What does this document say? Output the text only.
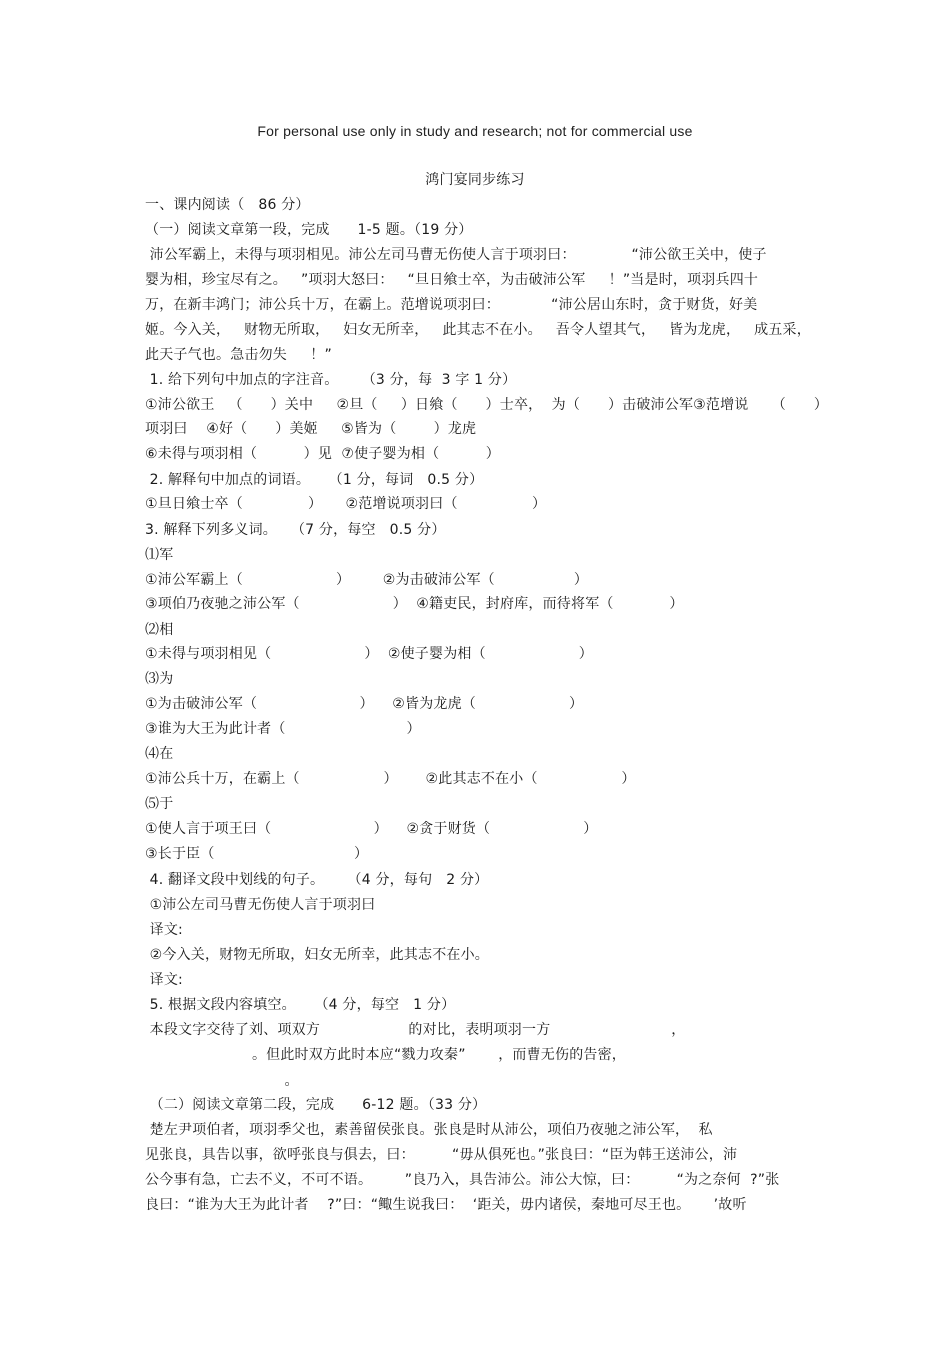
For personal use only in study and research; not for commercial use
鸿门宴同步练习
一、课内阅读（   86 分）
（一）阅读文章第一段，完成      1-5 题。（19 分）
沛公军霸上，未得与项羽相见。沛公左司马曹无伤使人言于项羽曰：            “沛公欲王关中，使子
婴为相，珍宝尽有之。   ”项羽大怒曰：   “旦日飨士卒，为击破沛公军     ！”当是时，项羽兵四十
万，在新丰鸿门；沛公兵十万，在霸上。范增说项羽曰：           “沛公居山东时，贪于财货，好美
姬。今入关，   财物无所取，   妇女无所幸，   此其志不在小。   吾令人望其气，   皆为龙虎，   成五采，
此天子气也。急击勿失     ！”
1. 给下列句中加点的字注音。     （3 分，每  3 字 1 分）
①沛公欲王   （      ）关中     ②旦（     ）日飨（      ）士卒，  为（      ）击破沛公军③范增说     （      ）
项羽曰    ④好（      ）美姬     ⑤皆为（        ）龙虎
⑥未得与项羽相（          ）见  ⑦使子婴为相（          ）
2. 解释句中加点的词语。    （1 分，每词   0.5 分）
①旦日飨士卒（              ）     ②范增说项羽曰（                ）
3. 解释下列多义词。   （7 分，每空   0.5 分）
⑴军
①沛公军霸上（                    ）       ②为击破沛公军（                 ）
③项伯乃夜驰之沛公军（                    ）  ④籍吏民，封府库，而待将军（            ）
⑵相
①未得与项羽相见（                    ）  ②使子婴为相（                    ）
⑶为
①为击破沛公军（                      ）    ②皆为龙虎（                    ）
③谁为大王为此计者（                          ）
⑷在
①沛公兵十万，在霸上（                  ）      ②此其志不在小（                  ）
⑸于
①使人言于项王曰（                      ）    ②贪于财货（                    ）
③长于臣（                              ）
4. 翻译文段中划线的句子。     （4 分，每句   2 分）
①沛公左司马曹无伤使人言于项羽曰
译文:
②今入关，财物无所取，妇女无所幸，此其志不在小。
译文:
5. 根据文段内容填空。    （4 分，每空   1 分）
本段文字交待了刘、项双方                   的对比，表明项羽一方                          ，
。但此时双方此时本应“戮力攻秦”       ，而曹无伤的告密，
。
（二）阅读文章第二段，完成      6-12 题。（33 分）
楚左尹项伯者，项羽季父也，素善留侯张良。张良是时从沛公，项伯乃夜驰之沛公军，  私
见张良，具告以事，欲呼张良与俱去，曰：        “毋从俱死也。”张良曰：“臣为韩王送沛公，沛
公今事有急，亡去不义，不可不语。       ”良乃入，具告沛公。沛公大惊，曰：        “为之奈何  ?”张
良曰：“谁为大王为此计者    ?”曰：“鲰生说我曰：  ‘距关，毋内诸侯，秦地可尽王也。     ’故听
